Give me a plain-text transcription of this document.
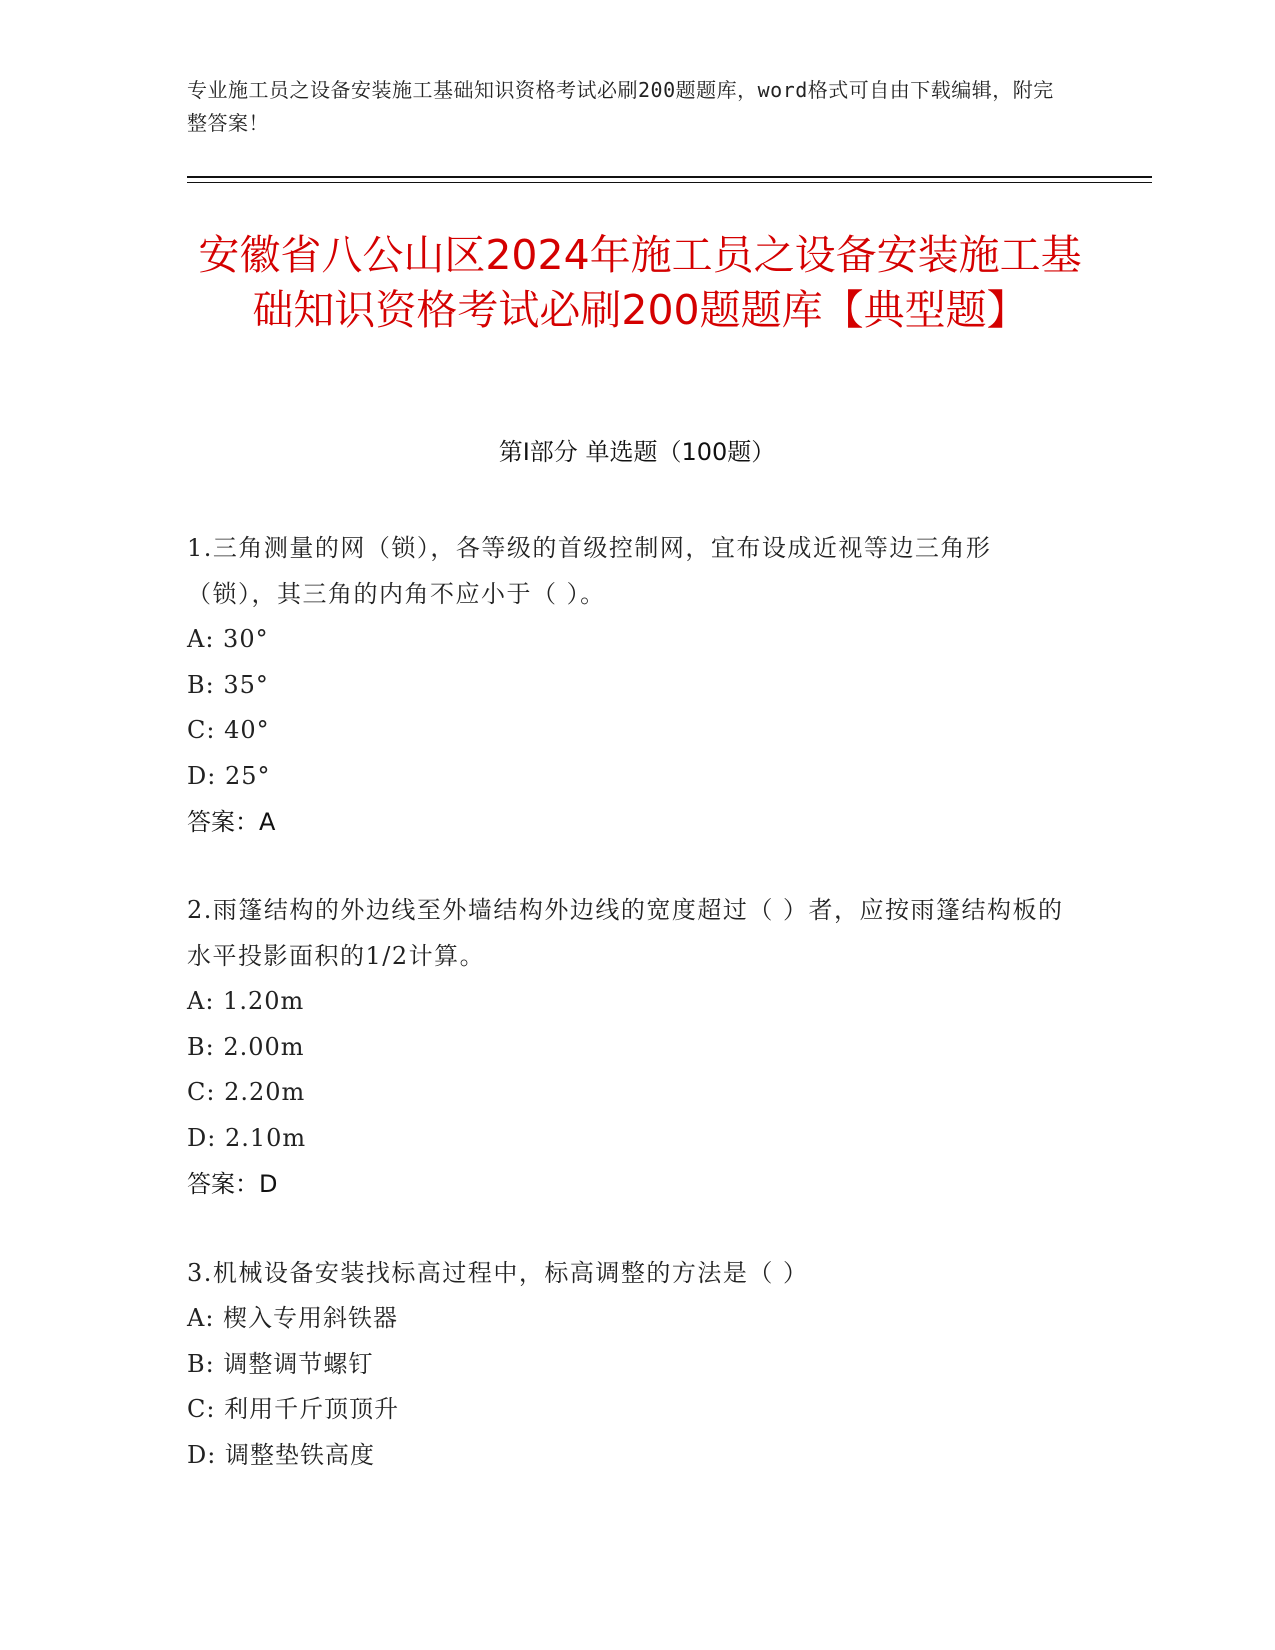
专业施工员之设备安装施工基础知识资格考试必刷200题题库，word格式可自由下载编辑，附完整答案！
安徽省八公山区2024年施工员之设备安装施工基础知识资格考试必刷200题题库【典型题】
第I部分 单选题（100题）
1.三角测量的网（锁），各等级的首级控制网，宜布设成近视等边三角形（锁），其三角的内角不应小于（ ）。
A: 30°
B: 35°
C: 40°
D: 25°
答案：A
2.雨篷结构的外边线至外墙结构外边线的宽度超过（ ）者，应按雨篷结构板的水平投影面积的1/2计算。
A: 1.20m
B: 2.00m
C: 2.20m
D: 2.10m
答案：D
3.机械设备安装找标高过程中，标高调整的方法是（ ）
A: 楔入专用斜铁器
B: 调整调节螺钉
C: 利用千斤顶顶升
D: 调整垫铁高度
